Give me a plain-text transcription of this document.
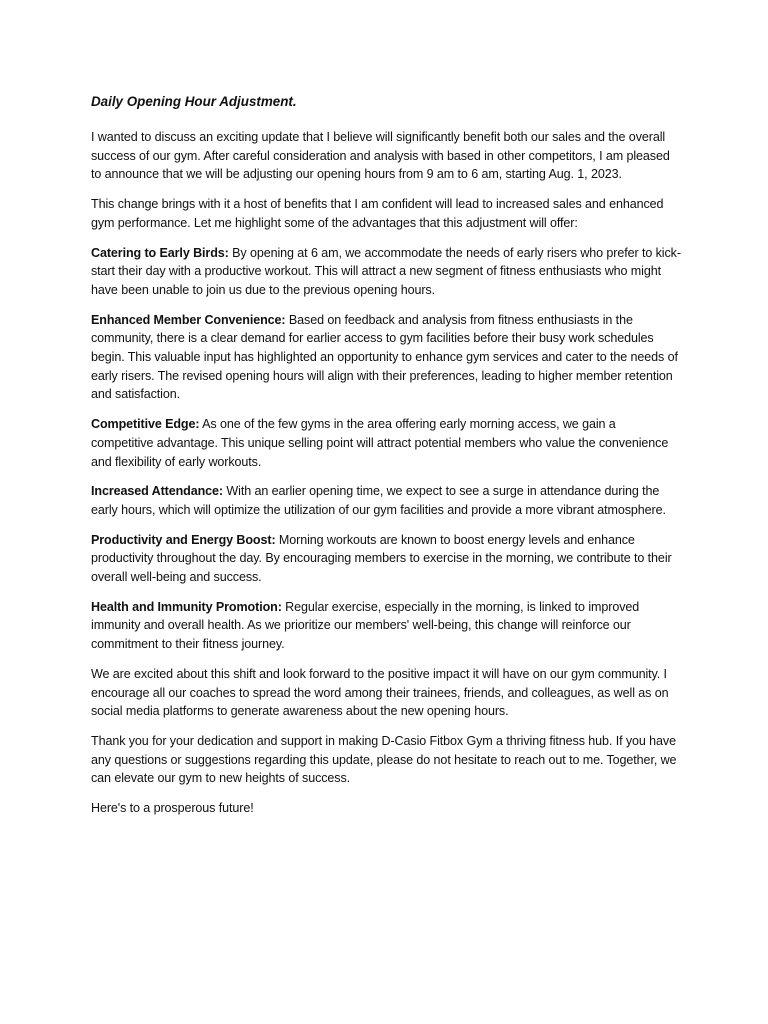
Daily Opening Hour Adjustment.

I wanted to discuss an exciting update that I believe will significantly benefit both our sales and the overall success of our gym. After careful consideration and analysis with based in other competitors, I am pleased to announce that we will be adjusting our opening hours from 9 am to 6 am, starting Aug. 1, 2023.

This change brings with it a host of benefits that I am confident will lead to increased sales and enhanced gym performance. Let me highlight some of the advantages that this adjustment will offer:

Catering to Early Birds: By opening at 6 am, we accommodate the needs of early risers who prefer to kick-start their day with a productive workout. This will attract a new segment of fitness enthusiasts who might have been unable to join us due to the previous opening hours.

Enhanced Member Convenience: Based on feedback and analysis from fitness enthusiasts in the community, there is a clear demand for earlier access to gym facilities before their busy work schedules begin. This valuable input has highlighted an opportunity to enhance gym services and cater to the needs of early risers. The revised opening hours will align with their preferences, leading to higher member retention and satisfaction.

Competitive Edge: As one of the few gyms in the area offering early morning access, we gain a competitive advantage. This unique selling point will attract potential members who value the convenience and flexibility of early workouts.

Increased Attendance: With an earlier opening time, we expect to see a surge in attendance during the early hours, which will optimize the utilization of our gym facilities and provide a more vibrant atmosphere.

Productivity and Energy Boost: Morning workouts are known to boost energy levels and enhance productivity throughout the day. By encouraging members to exercise in the morning, we contribute to their overall well-being and success.

Health and Immunity Promotion: Regular exercise, especially in the morning, is linked to improved immunity and overall health. As we prioritize our members' well-being, this change will reinforce our commitment to their fitness journey.

We are excited about this shift and look forward to the positive impact it will have on our gym community. I encourage all our coaches to spread the word among their trainees, friends, and colleagues, as well as on social media platforms to generate awareness about the new opening hours.

Thank you for your dedication and support in making D-Casio Fitbox Gym a thriving fitness hub. If you have any questions or suggestions regarding this update, please do not hesitate to reach out to me. Together, we can elevate our gym to new heights of success.

Here's to a prosperous future!
